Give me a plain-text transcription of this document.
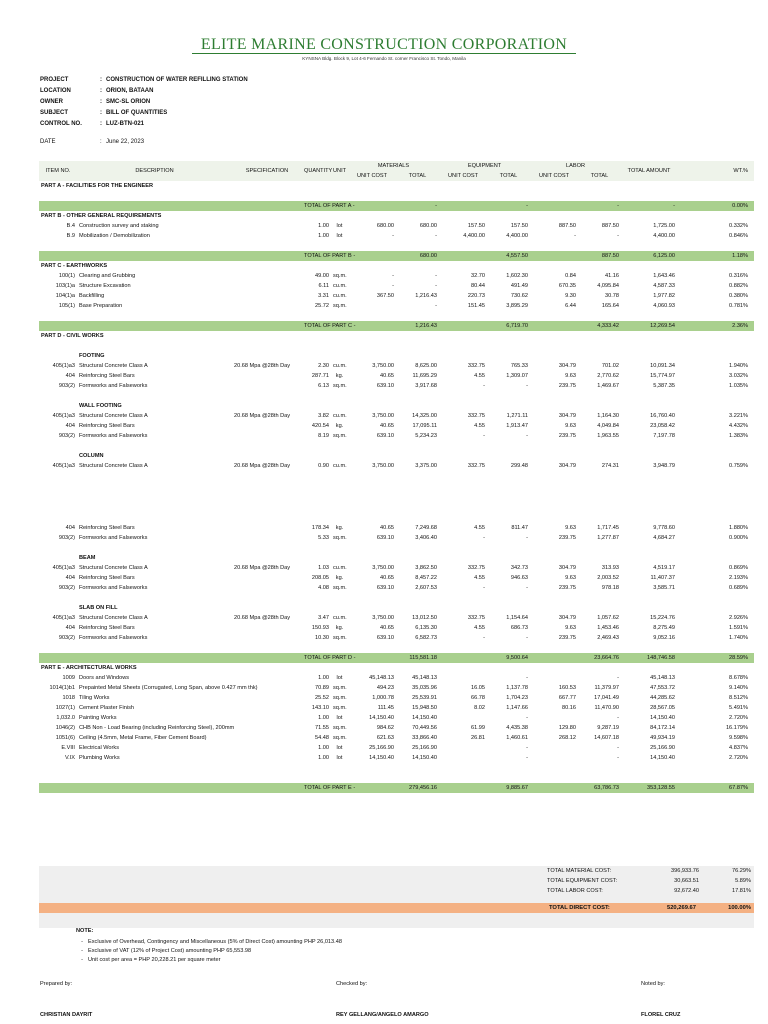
ELITE MARINE CONSTRUCTION CORPORATION
KYNSNA Bldg. Block 9, Lot 4-6 Fernando St. corner Francisco St. Tondo, Manila
PROJECT	: CONSTRUCTION OF WATER REFILLING STATION
LOCATION	: ORION, BATAAN
OWNER	: SMC-SL ORION
SUBJECT	: BILL OF QUANTITIES
CONTROL NO.	: LUZ-BTN-021
DATE	: June 22, 2023
ITEM NO.	DESCRIPTION	SPECIFICATION	QUANTITY	UNIT	MATERIALS		EQUIPMENT		LABOR		TOTAL AMOUNT	WT.%
					UNIT COST	TOTAL	UNIT COST	TOTAL	UNIT COST	TOTAL		
PART A - FACILITIES FOR THE ENGINEER												

			TOTAL OF PART A -			-		-		-	-	0.00%
PART B - OTHER GENERAL REQUIREMENTS												
B.4	Construction survey and staking		1.00	lot	680.00	680.00	157.50	157.50	887.50	887.50	1,725.00	0.332%
B.9	Mobilization / Demobilization		1.00	lot	-	-	4,400.00	4,400.00	-	-	4,400.00	0.846%

			TOTAL OF PART B -			680.00		4,557.50		887.50	6,125.00	1.18%
PART C - EARTHWORKS												
100(1)	Clearing and Grubbing		49.00	sq.m.	-	-	32.70	1,602.30	0.84	41.16	1,643.46	0.316%
103(1)a	Structure Excavation		6.11	cu.m.	-	-	80.44	491.49	670.35	4,095.84	4,587.33	0.882%
104(1)a	Backfilling		3.31	cu.m.	367.50	1,216.43	220.73	730.62	9.30	30.78	1,977.82	0.380%
105(1)	Base Preparation		25.72	sq.m.		-	151.45	3,895.29	6.44	165.64	4,060.93	0.781%

			TOTAL OF PART C -			1,216.43		6,719.70		4,333.42	12,269.54	2.36%
PART D - CIVIL WORKS												

	FOOTING											
405(1)a3	Structural Concrete Class A	20.68 Mpa @28th Day	2.30	cu.m.	3,750.00	8,625.00	332.75	765.33	304.79	701.02	10,091.34	1.940%
404	Reinforcing Steel Bars		287.71	kg.	40.65	11,695.29	4.55	1,309.07	9.63	2,770.62	15,774.97	3.032%
903(2)	Formworks and Falseworks		6.13	sq.m.	639.10	3,917.68	-	-	239.75	1,469.67	5,387.35	1.035%

	WALL FOOTING											
405(1)a3	Structural Concrete Class A	20.68 Mpa @28th Day	3.82	cu.m.	3,750.00	14,325.00	332.75	1,271.11	304.79	1,164.30	16,760.40	3.221%
404	Reinforcing Steel Bars		420.54	kg.	40.65	17,095.11	4.55	1,913.47	9.63	4,049.84	23,058.42	4.432%
903(2)	Formworks and Falseworks		8.19	sq.m.	639.10	5,234.23	-	-	239.75	1,963.55	7,197.78	1.383%

	COLUMN											
405(1)a3	Structural Concrete Class A	20.68 Mpa @28th Day	0.90	cu.m.	3,750.00	3,375.00	332.75	299.48	304.79	274.31	3,948.79	0.759%

404	Reinforcing Steel Bars		178.34	kg.	40.65	7,249.68	4.55	811.47	9.63	1,717.45	9,778.60	1.880%
903(2)	Formworks and Falseworks		5.33	sq.m.	639.10	3,406.40	-	-	239.75	1,277.87	4,684.27	0.900%

	BEAM											
405(1)a3	Structural Concrete Class A	20.68 Mpa @28th Day	1.03	cu.m.	3,750.00	3,862.50	332.75	342.73	304.79	313.93	4,519.17	0.869%
404	Reinforcing Steel Bars		208.05	kg.	40.65	8,457.22	4.55	946.63	9.63	2,003.52	11,407.37	2.193%
903(2)	Formworks and Falseworks		4.08	sq.m.	639.10	2,607.53	-	-	239.75	978.18	3,585.71	0.689%

	SLAB ON FILL											
405(1)a3	Structural Concrete Class A	20.68 Mpa @28th Day	3.47	cu.m.	3,750.00	13,012.50	332.75	1,154.64	304.79	1,057.62	15,224.76	2.926%
404	Reinforcing Steel Bars		150.93	kg.	40.65	6,135.30	4.55	686.73	9.63	1,453.46	8,275.49	1.591%
903(2)	Formworks and Falseworks		10.30	sq.m.	639.10	6,582.73	-	-	239.75	2,469.43	9,052.16	1.740%

			TOTAL OF PART D -			115,581.18		9,500.64		23,664.76	148,746.58	28.59%
PART E - ARCHITECTURAL WORKS												
1009	Doors and Windows		1.00	lot	45,148.13	45,148.13		-		-	45,148.13	8.678%
1014(1)b1	Prepainted Metal Sheets (Corrugated, Long Span, above 0.427 mm thk)		70.89	sq.m.	494.23	35,035.96	16.05	1,137.78	160.53	11,379.97	47,553.72	9.140%
1018	Tiling Works		25.52	sq.m.	1,000.78	25,539.91	66.78	1,704.23	667.77	17,041.49	44,285.62	8.512%
1027(1)	Cement Plaster Finish		143.10	sq.m.	111.45	15,948.50	8.02	1,147.66	80.16	11,470.90	28,567.05	5.491%
1,032.0	Painting Works		1.00	lot	14,150.40	14,150.40		-		-	14,150.40	2.720%
1046(2)	CHB Non - Load Bearing (including Reinforcing Steel), 200mm		71.55	sq.m.	984.62	70,449.56	61.99	4,435.38	129.80	9,287.19	84,172.14	16.179%
1051(6)	Ceiling (4.5mm, Metal Frame, Fiber Cement Board)		54.48	sq.m.	621.63	33,866.40	26.81	1,460.61	268.12	14,607.18	49,934.19	9.598%
E.VIII	Electrical Works		1.00	lot	25,166.90	25,166.90		-		-	25,166.90	4.837%
V.IX	Plumbing Works		1.00	lot	14,150.40	14,150.40		-		-	14,150.40	2.720%

			TOTAL OF PART E -			279,456.16		9,885.67		63,786.73	353,128.55	67.87%
TOTAL MATERIAL COST:	396,933.76	76.29%
TOTAL EQUIPMENT COST:	30,663.51	5.89%
TOTAL LABOR COST:	92,672.40	17.81%
TOTAL DIRECT COST:	520,269.67	100.00%
NOTE:
- Exclusive of Overhead, Contingency and Miscellaneous (5% of Direct Cost) amounting PHP 26,013.48
- Exclusive of VAT (12% of Project Cost) amounting PHP 65,553.98
- Unit cost per area = PHP 20,228.21 per square meter
Prepared by:	Checked by:	Noted by:
CHRISTIAN DAYRIT	REY GELLANG/ANGELO AMARGO	FLOREL CRUZ
